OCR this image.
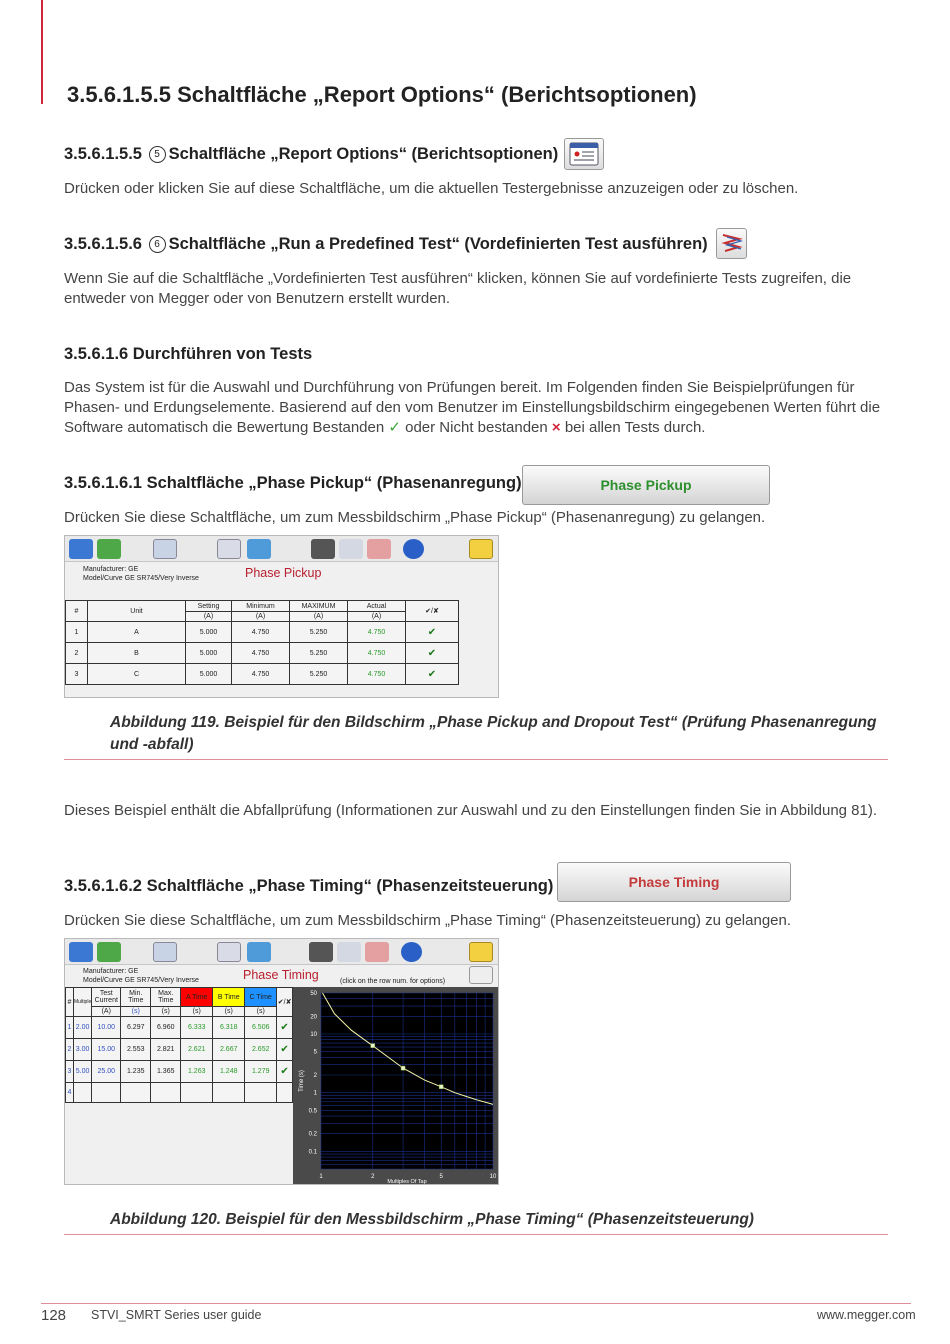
3.5.6.1.5.5 Schaltfläche „Report Options“ (Berichtsoptionen)
3.5.6.1.5.5 5 Schaltfläche „Report Options“ (Berichtsoptionen)
Drücken oder klicken Sie auf diese Schaltfläche, um die aktuellen Testergebnisse anzuzeigen oder zu löschen.
3.5.6.1.5.6 6 Schaltfläche „Run a Predefined Test“ (Vordefinierten Test ausführen)
Wenn Sie auf die Schaltfläche „Vordefinierten Test ausführen“ klicken, können Sie auf vordefinierte Tests zugreifen, die entweder von Megger oder von Benutzern erstellt wurden.
3.5.6.1.6 Durchführen von Tests
Das System ist für die Auswahl und Durchführung von Prüfungen bereit. Im Folgenden finden Sie Beispielprüfungen für Phasen- und Erdungselemente. Basierend auf den vom Benutzer im Einstellungsbildschirm eingegebenen Werten führt die Software automatisch die Bewertung Bestanden ✓ oder Nicht bestanden × bei allen Tests durch.
3.5.6.1.6.1 Schaltfläche „Phase Pickup“ (Phasenanregung)	Phase Pickup
Drücken Sie diese Schaltfläche, um zum Messbildschirm „Phase Pickup“ (Phasenanregung) zu gelangen.
Manufacturer: GE
Model/Curve GE SR745/Very Inverse	Phase Pickup
#	Unit	Setting	Minimum	MAXIMUM	Actual	✔/✘
		(A)	(A)	(A)	(A)	
1	A	5.000	4.750	5.250	4.750	✔
2	B	5.000	4.750	5.250	4.750	✔
3	C	5.000	4.750	5.250	4.750	✔
Abbildung 119. Beispiel für den Bildschirm „Phase Pickup and Dropout Test“ (Prüfung Phasenanregung und -abfall)
Dieses Beispiel enthält die Abfallprüfung (Informationen zur Auswahl und zu den Einstellungen finden Sie in Abbildung 81).
3.5.6.1.6.2 Schaltfläche „Phase Timing“ (Phasenzeitsteuerung)	Phase Timing
Drücken Sie diese Schaltfläche, um zum Messbildschirm „Phase Timing“ (Phasenzeitsteuerung) zu gelangen.
Manufacturer: GE
Model/Curve GE SR745/Very Inverse	Phase Timing	(click on the row num. for options)
#	Multiple	Test Current	Min. Time	Max. Time	A Time	B Time	C Time	✔/✘
		(A)	(s)	(s)	(s)	(s)	(s)	
1	2.00	10.00	6.297	6.960	6.333	6.318	6.506	✔
2	3.00	15.00	2.553	2.821	2.621	2.667	2.652	✔
3	5.00	25.00	1.235	1.365	1.263	1.248	1.279	✔
4								
1	2	5	10
50
20
10
5
2
1
0.5
0.2
0.1
Multiples Of Tap
Time (s)
Abbildung 120. Beispiel für den Messbildschirm „Phase Timing“ (Phasenzeitsteuerung)
128 STVI_SMRT Series user guide	www.megger.com
